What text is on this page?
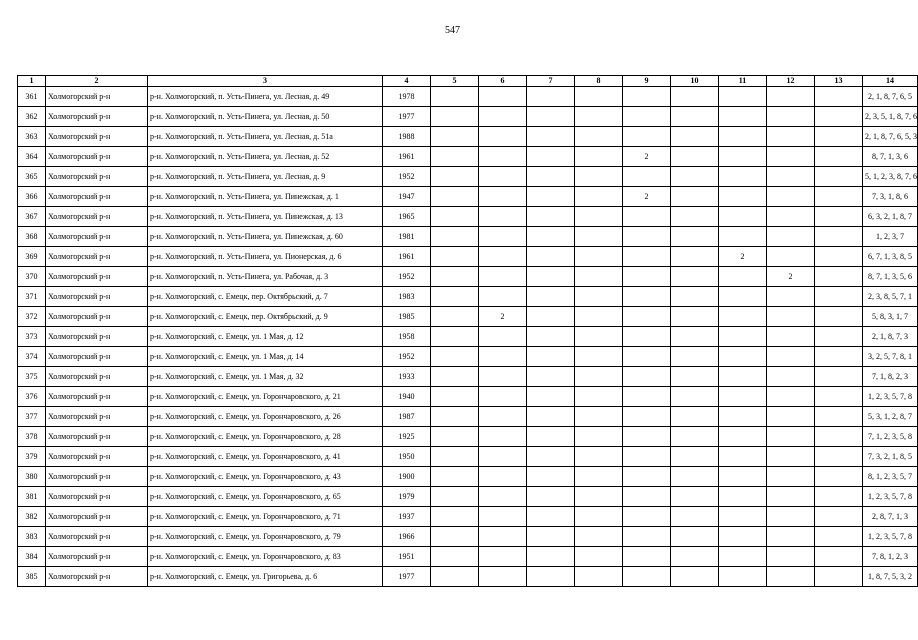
547
1	2	3	4	5	6	7	8	9	10	11	12	13	14
361	Холмогорский р-н	р-н. Холмогорский, п. Усть-Пинега, ул. Лесная, д. 49	1978										2, 1, 8, 7, 6, 5
362	Холмогорский р-н	р-н. Холмогорский, п. Усть-Пинега, ул. Лесная, д. 50	1977										2, 3, 5, 1, 8, 7, 6
363	Холмогорский р-н	р-н. Холмогорский, п. Усть-Пинега, ул. Лесная, д. 51а	1988										2, 1, 8, 7, 6, 5, 3
364	Холмогорский р-н	р-н. Холмогорский, п. Усть-Пинега, ул. Лесная, д. 52	1961					2					8, 7, 1, 3, 6
365	Холмогорский р-н	р-н. Холмогорский, п. Усть-Пинега, ул. Лесная, д. 9	1952										5, 1, 2, 3, 8, 7, 6
366	Холмогорский р-н	р-н. Холмогорский, п. Усть-Пинега, ул. Пинежская, д. 1	1947					2					7, 3, 1, 8, 6
367	Холмогорский р-н	р-н. Холмогорский, п. Усть-Пинега, ул. Пинежская, д. 13	1965										6, 3, 2, 1, 8, 7
368	Холмогорский р-н	р-н. Холмогорский, п. Усть-Пинега, ул. Пинежская, д. 60	1981										1, 2, 3, 7
369	Холмогорский р-н	р-н. Холмогорский, п. Усть-Пинега, ул. Пионерская, д. 6	1961							2			6, 7, 1, 3, 8, 5
370	Холмогорский р-н	р-н. Холмогорский, п. Усть-Пинега, ул. Рабочая, д. 3	1952								2		8, 7, 1, 3, 5, 6
371	Холмогорский р-н	р-н. Холмогорский, с. Емецк, пер. Октябрьский, д. 7	1983										2, 3, 8, 5, 7, 1
372	Холмогорский р-н	р-н. Холмогорский, с. Емецк, пер. Октябрьский, д. 9	1985		2								5, 8, 3, 1, 7
373	Холмогорский р-н	р-н. Холмогорский, с. Емецк, ул. 1 Мая, д. 12	1958										2, 1, 8, 7, 3
374	Холмогорский р-н	р-н. Холмогорский, с. Емецк, ул. 1 Мая, д. 14	1952										3, 2, 5, 7, 8, 1
375	Холмогорский р-н	р-н. Холмогорский, с. Емецк, ул. 1 Мая, д. 32	1933										7, 1, 8, 2, 3
376	Холмогорский р-н	р-н. Холмогорский, с. Емецк, ул. Горончаровского, д. 21	1940										1, 2, 3, 5, 7, 8
377	Холмогорский р-н	р-н. Холмогорский, с. Емецк, ул. Горончаровского, д. 26	1987										5, 3, 1, 2, 8, 7
378	Холмогорский р-н	р-н. Холмогорский, с. Емецк, ул. Горончаровского, д. 28	1925										7, 1, 2, 3, 5, 8
379	Холмогорский р-н	р-н. Холмогорский, с. Емецк, ул. Горончаровского, д. 41	1950										7, 3, 2, 1, 8, 5
380	Холмогорский р-н	р-н. Холмогорский, с. Емецк, ул. Горончаровского, д. 43	1900										8, 1, 2, 3, 5, 7
381	Холмогорский р-н	р-н. Холмогорский, с. Емецк, ул. Горончаровского, д. 65	1979										1, 2, 3, 5, 7, 8
382	Холмогорский р-н	р-н. Холмогорский, с. Емецк, ул. Горончаровского, д. 71	1937										2, 8, 7, 1, 3
383	Холмогорский р-н	р-н. Холмогорский, с. Емецк, ул. Горончаровского, д. 79	1966										1, 2, 3, 5, 7, 8
384	Холмогорский р-н	р-н. Холмогорский, с. Емецк, ул. Горончаровского, д. 83	1951										7, 8, 1, 2, 3
385	Холмогорский р-н	р-н. Холмогорский, с. Емецк, ул. Григорьева, д. 6	1977										1, 8, 7, 5, 3, 2
